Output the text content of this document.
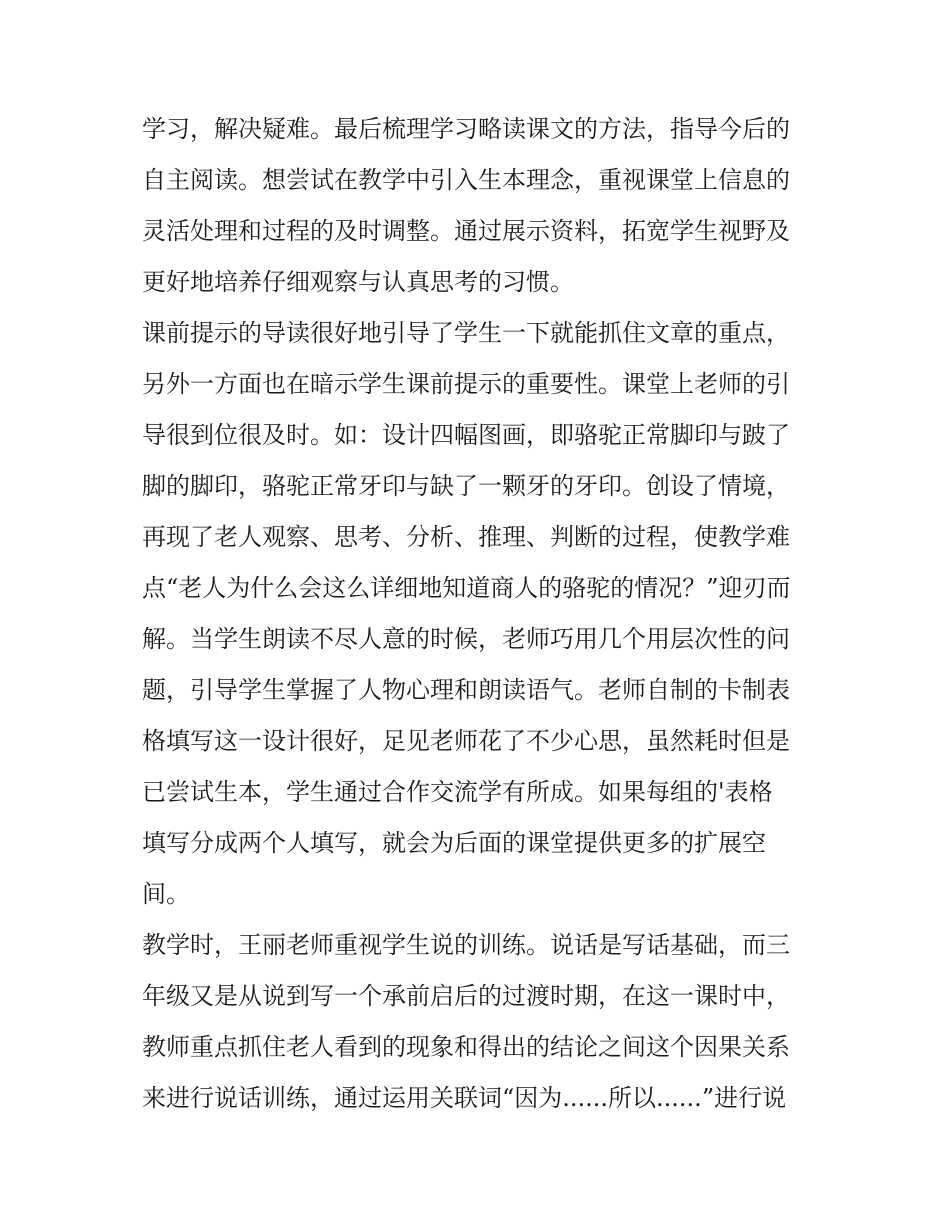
学习，解决疑难。最后梳理学习略读课文的方法，指导今后的
自主阅读。想尝试在教学中引入生本理念，重视课堂上信息的
灵活处理和过程的及时调整。通过展示资料，拓宽学生视野及
更好地培养仔细观察与认真思考的习惯。
课前提示的导读很好地引导了学生一下就能抓住文章的重点，
另外一方面也在暗示学生课前提示的重要性。课堂上老师的引
导很到位很及时。如：设计四幅图画，即骆驼正常脚印与跛了
脚的脚印，骆驼正常牙印与缺了一颗牙的牙印。创设了情境，
再现了老人观察、思考、分析、推理、判断的过程，使教学难
点“老人为什么会这么详细地知道商人的骆驼的情况？”迎刃而
解。当学生朗读不尽人意的时候，老师巧用几个用层次性的问
题，引导学生掌握了人物心理和朗读语气。老师自制的卡制表
格填写这一设计很好，足见老师花了不少心思，虽然耗时但是
已尝试生本，学生通过合作交流学有所成。如果每组的'表格
填写分成两个人填写，就会为后面的课堂提供更多的扩展空
间。
教学时，王丽老师重视学生说的训练。说话是写话基础，而三
年级又是从说到写一个承前启后的过渡时期，在这一课时中，
教师重点抓住老人看到的现象和得出的结论之间这个因果关系
来进行说话训练，通过运用关联词“因为......所以......”进行说
